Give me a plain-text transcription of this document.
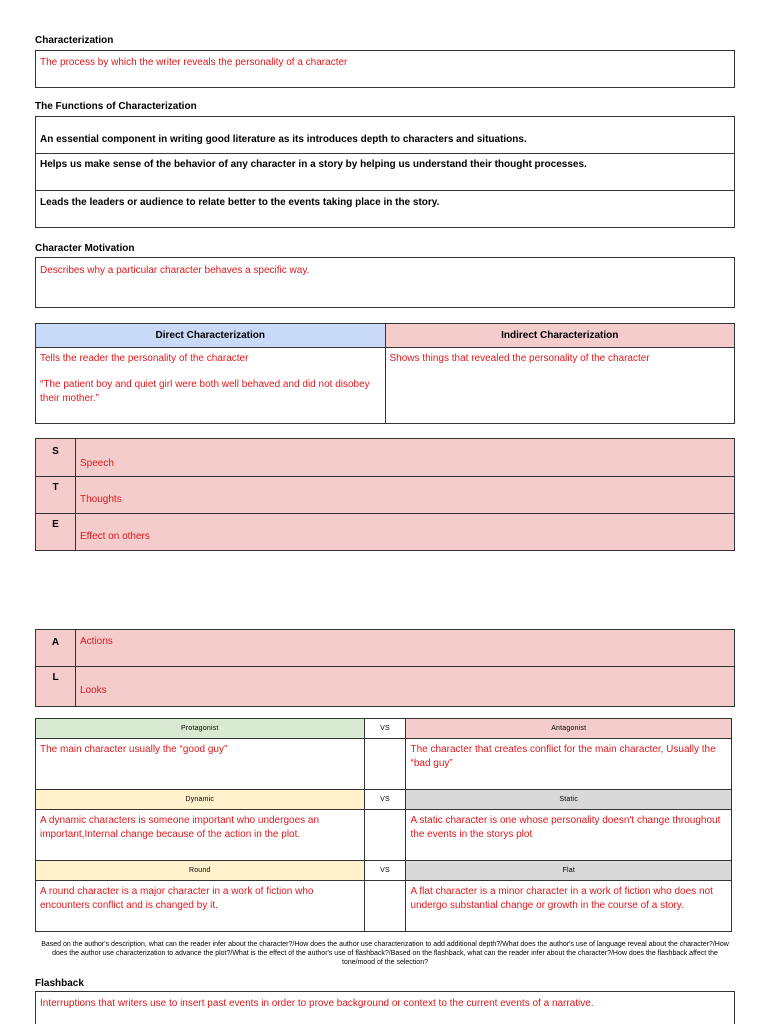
Characterization
The process by which the writer reveals the personality of a character
The Functions of Characterization
An essential component in writing good literature as its introduces depth to characters and situations.
Helps us make sense of the behavior of any character in a story by helping us understand their thought processes.
Leads the leaders or audience to relate better to the events taking place in the story.
Character Motivation
Describes why a particular character behaves a specific way.
Direct Characterization	Indirect Characterization

Tells the reader the personality of the character
“The patient boy and quiet girl were both well behaved and did not disobey their mother.”	Shows things that revealed the personality of the character
S	Speech

T	Thoughts

E	Effect on others
A	Actions

L	Looks
Protagonist	VS	Antagonist

The main character usually the “good guy”		The character that creates conflict for the main character, Usually the “bad guy”

Dynamic	VS	Static

A dynamic characters is someone important who undergoes an important,Internal change because of the action in the plot.		A static character is one whose personality doesn't change throughout the events in the storys plot

Round	VS	Flat

A round character is a major character in a work of fiction who encounters conflict and is changed by it.		A flat character is a minor character in a work of fiction who does not undergo substantial change or growth in the course of a story.
Based on the author's description, what can the reader infer about the character?/How does the author use characterization to add additional depth?/What does the author's use of language reveal about the character?/How does the author use characterization to advance the plot?/What is the effect of the author's use of flashback?/Based on the flashback, what can the reader infer about the character?/How does the flashback affect the tone/mood of the selection?
Flashback
Interruptions that writers use to insert past events in order to prove background or context to the current events of a narrative.
